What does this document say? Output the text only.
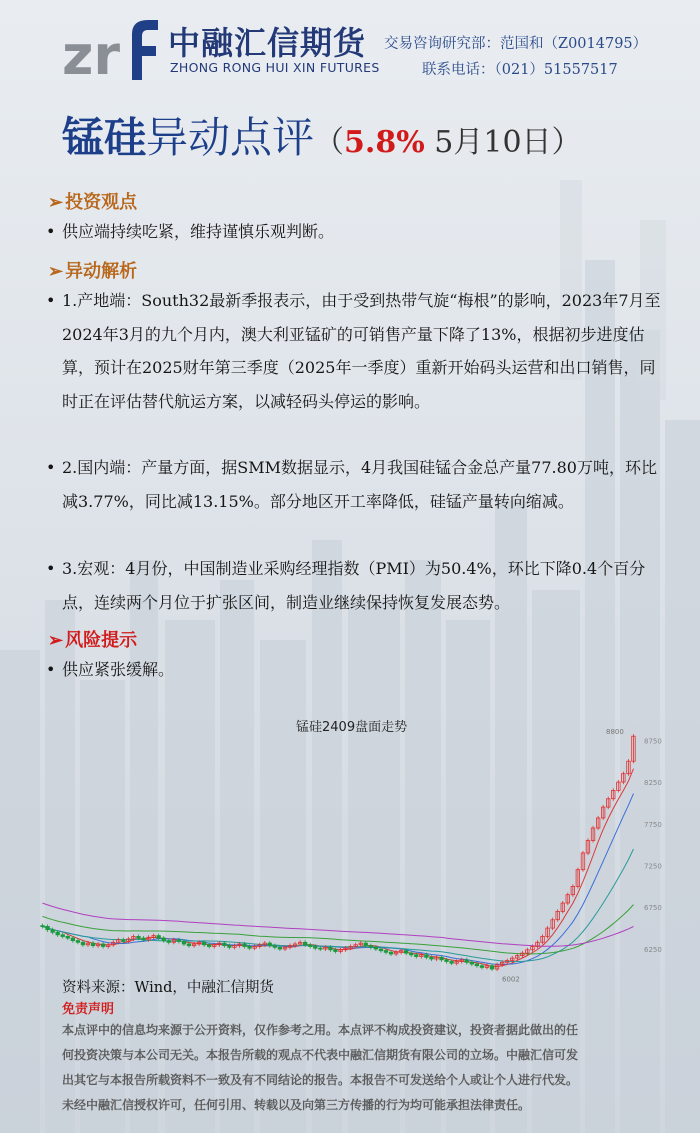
zr 中融汇信期货
ZHONG RONG HUI XIN FUTURES
交易咨询研究部：范国和（Z0014795）
联系电话：（021）51557517
锰硅异动点评（5.8% 5月10日）
➢ 投资观点
• 供应端持续吃紧，维持谨慎乐观判断。
➢ 异动解析
• 1.产地端：South32最新季报表示，由于受到热带气旋“梅根”的影响，2023年7月至2024年3月的九个月内，澳大利亚锰矿的可销售产量下降了13%，根据初步进度估算，预计在2025财年第三季度（2025年一季度）重新开始码头运营和出口销售，同时正在评估替代航运方案，以减轻码头停运的影响。
• 2.国内端：产量方面，据SMM数据显示，4月我国硅锰合金总产量77.80万吨，环比减3.77%，同比减13.15%。部分地区开工率降低，硅锰产量转向缩减。
• 3.宏观：4月份，中国制造业采购经理指数（PMI）为50.4%，环比下降0.4个百分点，连续两个月位于扩张区间，制造业继续保持恢复发展态势。
➢ 风险提示
• 供应紧张缓解。
锰硅2409盘面走势	8800
6002
8750
8250
7750
7250
6750
6250
资料来源：Wind，中融汇信期货
免责声明
本点评中的信息均来源于公开资料，仅作参考之用。本点评不构成投资建议，投资者据此做出的任
何投资决策与本公司无关。本报告所载的观点不代表中融汇信期货有限公司的立场。中融汇信可发
出其它与本报告所载资料不一致及有不同结论的报告。本报告不可发送给个人或让个人进行代发。
未经中融汇信授权许可，任何引用、转载以及向第三方传播的行为均可能承担法律责任。
